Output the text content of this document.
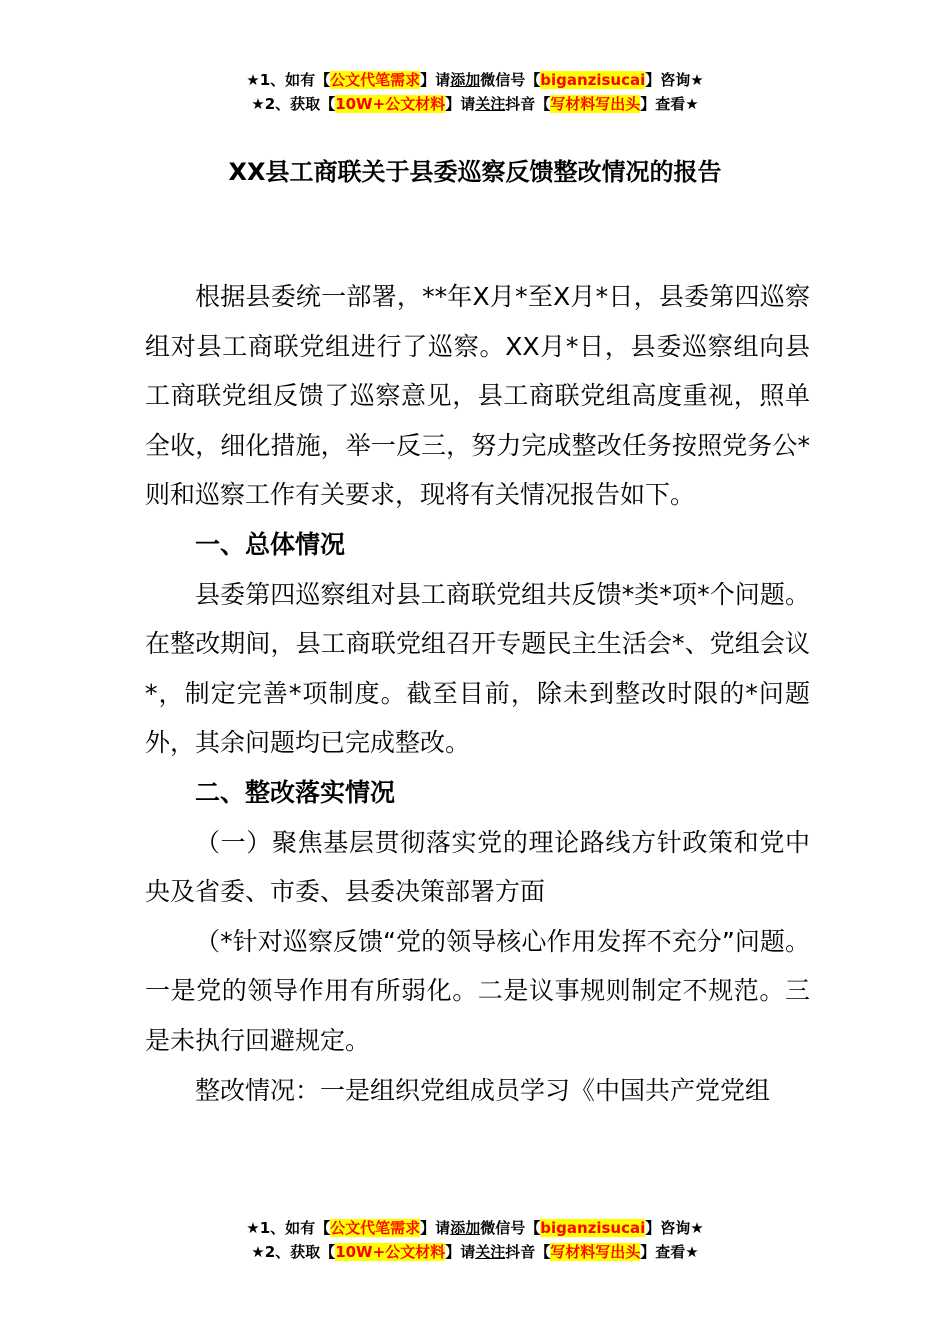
★1、如有【公文代笔需求】请添加微信号【biganzisucai】咨询★
★2、获取【10W+公文材料】请关注抖音【写材料写出头】查看★
XX县工商联关于县委巡察反馈整改情况的报告

根据县委统一部署，**年X月*至X月*日，县委第四巡察组对县工商联党组进行了巡察。XX月*日，县委巡察组向县工商联党组反馈了巡察意见，县工商联党组高度重视，照单全收，细化措施，举一反三，努力完成整改任务按照党务公*则和巡察工作有关要求，现将有关情况报告如下。

一、总体情况

县委第四巡察组对县工商联党组共反馈*类*项*个问题。在整改期间，县工商联党组召开专题民主生活会*、党组会议*，制定完善*项制度。截至目前，除未到整改时限的*问题外，其余问题均已完成整改。

二、整改落实情况

（一）聚焦基层贯彻落实党的理论路线方针政策和党中央及省委、市委、县委决策部署方面

（*针对巡察反馈“党的领导核心作用发挥不充分”问题。一是党的领导作用有所弱化。二是议事规则制定不规范。三是未执行回避规定。

整改情况：一是组织党组成员学习《中国共产党党组

★1、如有【公文代笔需求】请添加微信号【biganzisucai】咨询★
★2、获取【10W+公文材料】请关注抖音【写材料写出头】查看★
